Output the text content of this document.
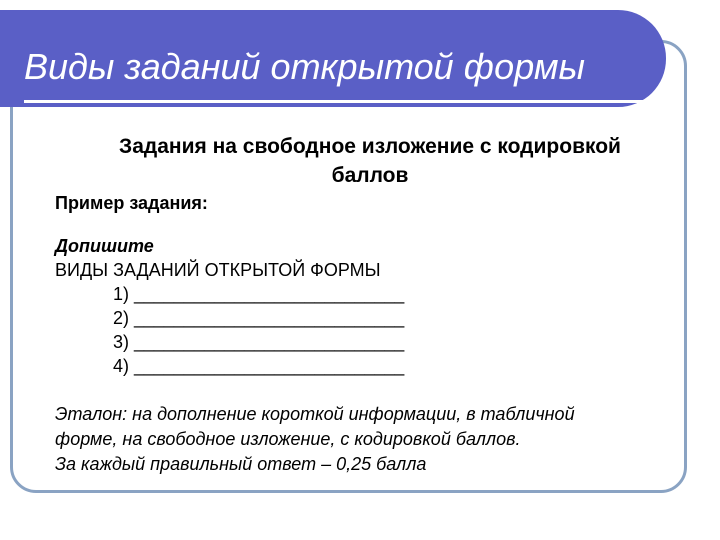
Виды заданий открытой формы
Задания на свободное изложение с кодировкой
баллов
Пример задания:
Допишите
ВИДЫ ЗАДАНИЙ ОТКРЫТОЙ ФОРМЫ
1) ___________________________
2) ___________________________
3) ___________________________
4) ___________________________
Эталон: на дополнение короткой информации, в табличной
форме, на свободное изложение, с кодировкой баллов.
За каждый правильный ответ – 0,25 балла
